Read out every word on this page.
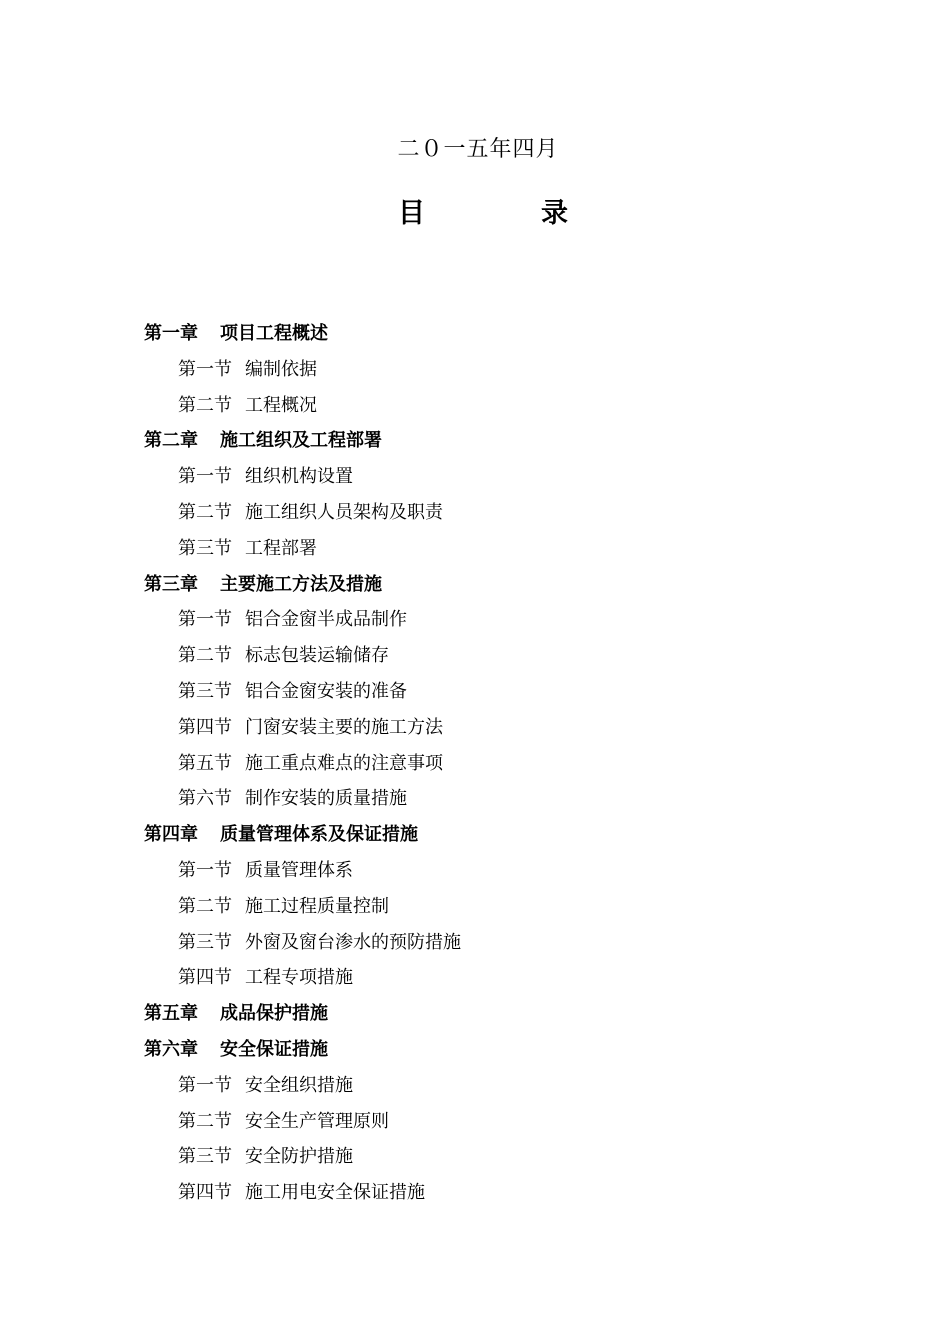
二０一五年四月
目	录
第一章 项目工程概述
第一节 编制依据
第二节 工程概况
第二章 施工组织及工程部署
第一节 组织机构设置
第二节 施工组织人员架构及职责
第三节 工程部署
第三章 主要施工方法及措施
第一节 铝合金窗半成品制作
第二节 标志包装运输储存
第三节 铝合金窗安装的准备
第四节 门窗安装主要的施工方法
第五节 施工重点难点的注意事项
第六节 制作安装的质量措施
第四章 质量管理体系及保证措施
第一节 质量管理体系
第二节 施工过程质量控制
第三节 外窗及窗台渗水的预防措施
第四节 工程专项措施
第五章 成品保护措施
第六章 安全保证措施
第一节 安全组织措施
第二节 安全生产管理原则
第三节 安全防护措施
第四节 施工用电安全保证措施
